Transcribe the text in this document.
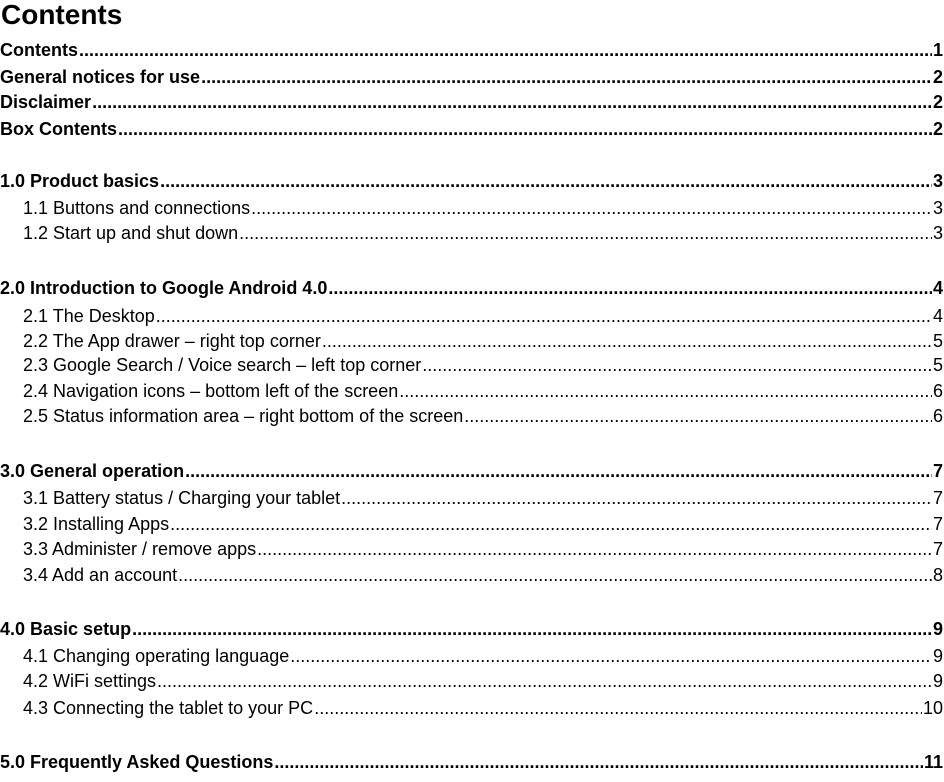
Contents
Contents .....	1
General notices for use .....	2
Disclaimer .....	2
Box Contents .....	2
1.0 Product basics .....	3
1.1 Buttons and connections .....	3
1.2 Start up and shut down .....	3
2.0 Introduction to Google Android 4.0 .....	4
2.1 The Desktop .....	4
2.2 The App drawer – right top corner .....	5
2.3 Google Search / Voice search – left top corner .....	5
2.4 Navigation icons – bottom left of the screen .....	6
2.5 Status information area – right bottom of the screen .....	6
3.0 General operation .....	7
3.1 Battery status / Charging your tablet .....	7
3.2 Installing Apps .....	7
3.3 Administer / remove apps .....	7
3.4 Add an account .....	8
4.0 Basic setup .....	9
4.1 Changing operating language .....	9
4.2 WiFi settings .....	9
4.3 Connecting the tablet to your PC .....	10
5.0 Frequently Asked Questions .....	11
